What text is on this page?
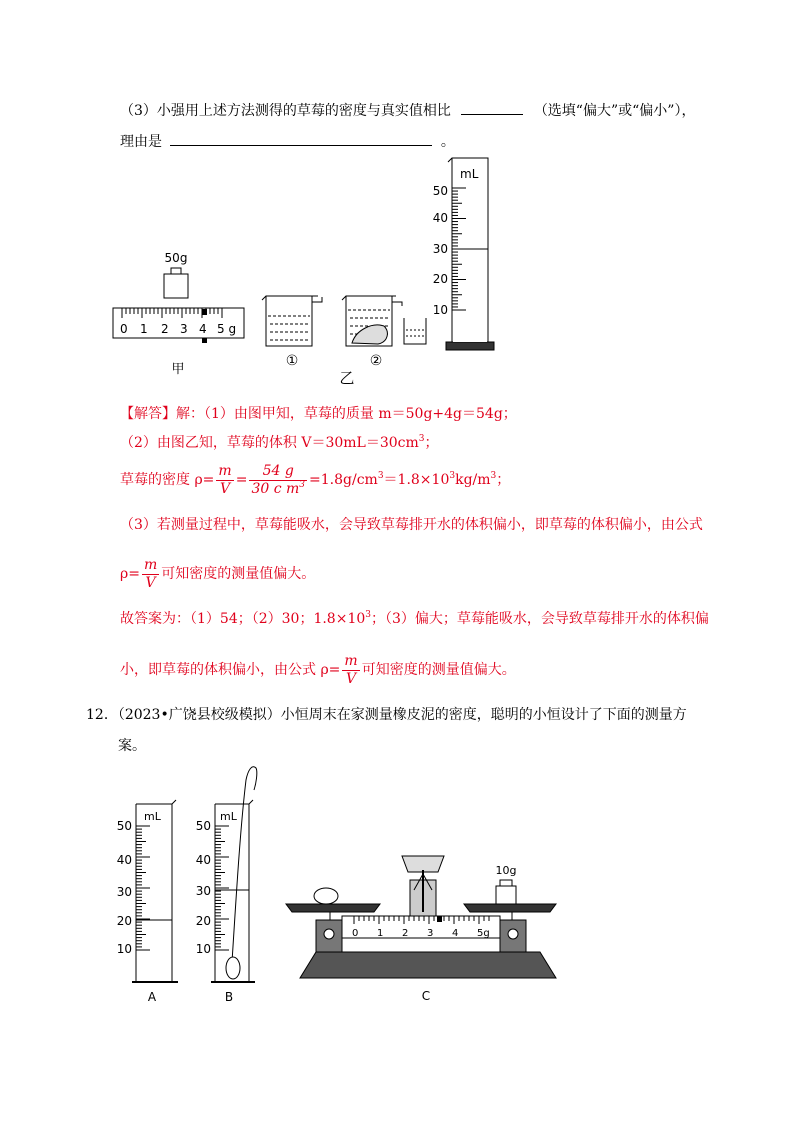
（3）小强用上述方法测得的草莓的密度与真实值相比	（选填“偏大”或“偏小”），
理由是	。
50g
0 1 2 3 4 5 g
甲
①	②
乙
mL
50
40
30
20
10
【解答】解：（1）由图甲知，草莓的质量 m＝50g+4g＝54g；
（2）由图乙知，草莓的体积 $V=30mL=30cm^3$；
草莓的密度 $\rho= \frac{m}{V} = \frac{54 g}{30 c m^3} =1.8g/cm^3=1.8\times 10^3kg/m^3$；
（3）若测量过程中，草莓能吸水，会导致草莓排开水的体积偏小，即草莓的体积偏小，由公式
$\rho= \frac{m}{V}$ 可知密度的测量值偏大。
故答案为：（1）54；（2）30；$1.8\times 10^3$；（3）偏大；草莓能吸水，会导致草莓排开水的体积偏
小，即草莓的体积偏小，由公式 $\rho= \frac{m}{V}$ 可知密度的测量值偏大。
12．（2023•广饶县校级模拟）小恒周末在家测量橡皮泥的密度，聪明的小恒设计了下面的测量方
案。
mL
50
40
30
20
10
A
mL
50
40
30
20
10
B
0 1 2 3 4 5g
10g
C
